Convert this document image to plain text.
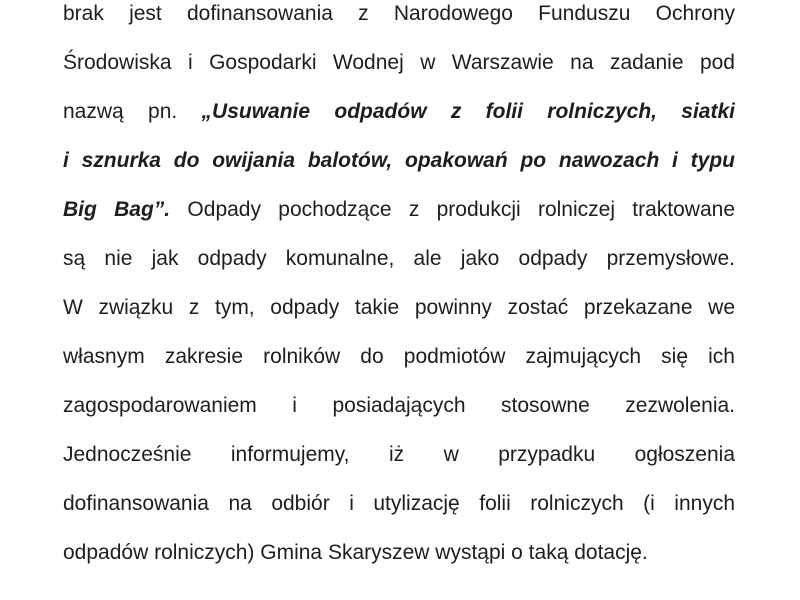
brak jest dofinansowania z Narodowego Funduszu Ochrony
Środowiska i Gospodarki Wodnej w Warszawie na zadanie pod
nazwą pn. „Usuwanie odpadów z folii rolniczych, siatki
i sznurka do owijania balotów, opakowań po nawozach i typu
Big Bag”. Odpady pochodzące z produkcji rolniczej traktowane
są nie jak odpady komunalne, ale jako odpady przemysłowe.
W związku z tym, odpady takie powinny zostać przekazane we
własnym zakresie rolników do podmiotów zajmujących się ich
zagospodarowaniem i posiadających stosowne zezwolenia.
Jednocześnie informujemy, iż w przypadku ogłoszenia
dofinansowania na odbiór i utylizację folii rolniczych (i innych
odpadów rolniczych) Gmina Skaryszew wystąpi o taką dotację.
